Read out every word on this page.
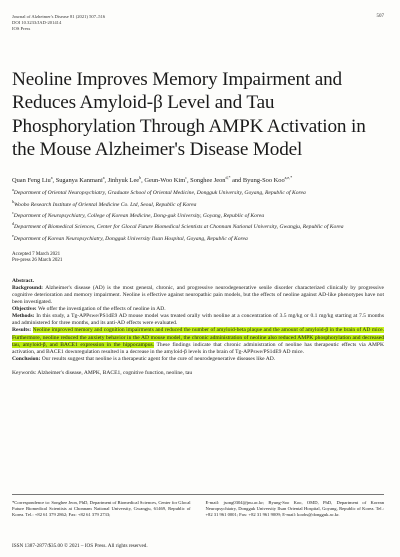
Journal of Alzheimer's Disease 81 (2021) 507–516
DOI 10.3233/JAD-201414
IOS Press
507
Neoline Improves Memory Impairment and Reduces Amyloid-β Level and Tau Phosphorylation Through AMPK Activation in the Mouse Alzheimer's Disease Model
Quan Feng Liu$^a$, Suganya Kanmani$^a$, Jinhyuk Lee$^b$, Geun-Woo Kim$^c$, Songhee Jeon$^{d,*}$ and Byung-Soo Koo$^{a,e,*}$
$^a$Department of Oriental Neuropsychiatry, Graduate School of Oriental Medicine, Dongguk University, Goyang, Republic of Korea
$^b$Woobo Research Institute of Oriental Medicine Co. Ltd, Seoul, Republic of Korea
$^c$Department of Neuropsychiatry, College of Korean Medicine, Dong-guk University, Goyang, Republic of Korea
$^d$Department of Biomedical Sciences, Center for Glocal Future Biomedical Scientists at Chonnam National University, Gwangju, Republic of Korea
$^e$Department of Korean Neuropsychiatry, Dongguk University Ilsan Hospital, Goyang, Republic of Korea
Accepted 7 March 2021
Pre-press 26 March 2021

Abstract.

Background: Alzheimer's disease (AD) is the most general, chronic, and progressive neurodegenerative senile disorder characterized clinically by progressive cognitive deterioration and memory impairment. Neoline is effective against neuropathic pain models, but the effects of neoline against AD-like phenotypes have not been investigated.

Objective: We offer the investigation of the effects of neoline in AD.

Methods: In this study, a Tg-APPswe/PS1dE9 AD mouse model was treated orally with neoline at a concentration of 3.5 mg/kg or 0.1 mg/kg starting at 7.5 months and administered for three months, and its anti-AD effects were evaluated.

Results: Neoline improved memory and cognition impairments and reduced the number of amyloid-beta plaque and the amount of amyloid-β in the brain of AD mice. Furthermore, neoline reduced the anxiety behavior in the AD mouse model, the chronic administration of neoline also reduced AMPK phosphorylation and decreased tau, amyloid-β, and BACE1 expression in the hippocampus. These findings indicate that chronic administration of neoline has therapeutic effects via AMPK activation, and BACE1 downregulation resulted in a decrease in the amyloid-β levels in the brain of Tg-APPswe/PS1dE9 AD mice.

Conclusion: Our results suggest that neoline is a therapeutic agent for the cure of neurodegenerative diseases like AD.

Keywords: Alzheimer's disease, AMPK, BACE1, cognitive function, neoline, tau
*Correspondence to: Songhee Jeon, PhD, Department of Biomedical Sciences, Center for Glocal Future Biomedical Scientists at Chonnam National University, Gwangju, 61469, Republic of Korea. Tel.: +82 61 379 2862; Fax: +82 61 379 2733;
E-mail: jsong0304@jnu.ac.kr; Byung-Soo Koo, OMD, PhD, Department of Korean Neuropsychiatry, Dongguk University Ilsan Oriental Hospital, Goyang, Republic of Korea. Tel.: +82 31 961 0001; Fax: +82 31 961 9009; E-mail: koobs@dongguk.ac.kr.
ISSN 1387-2877/$35.00 © 2021 – IOS Press. All rights reserved.
